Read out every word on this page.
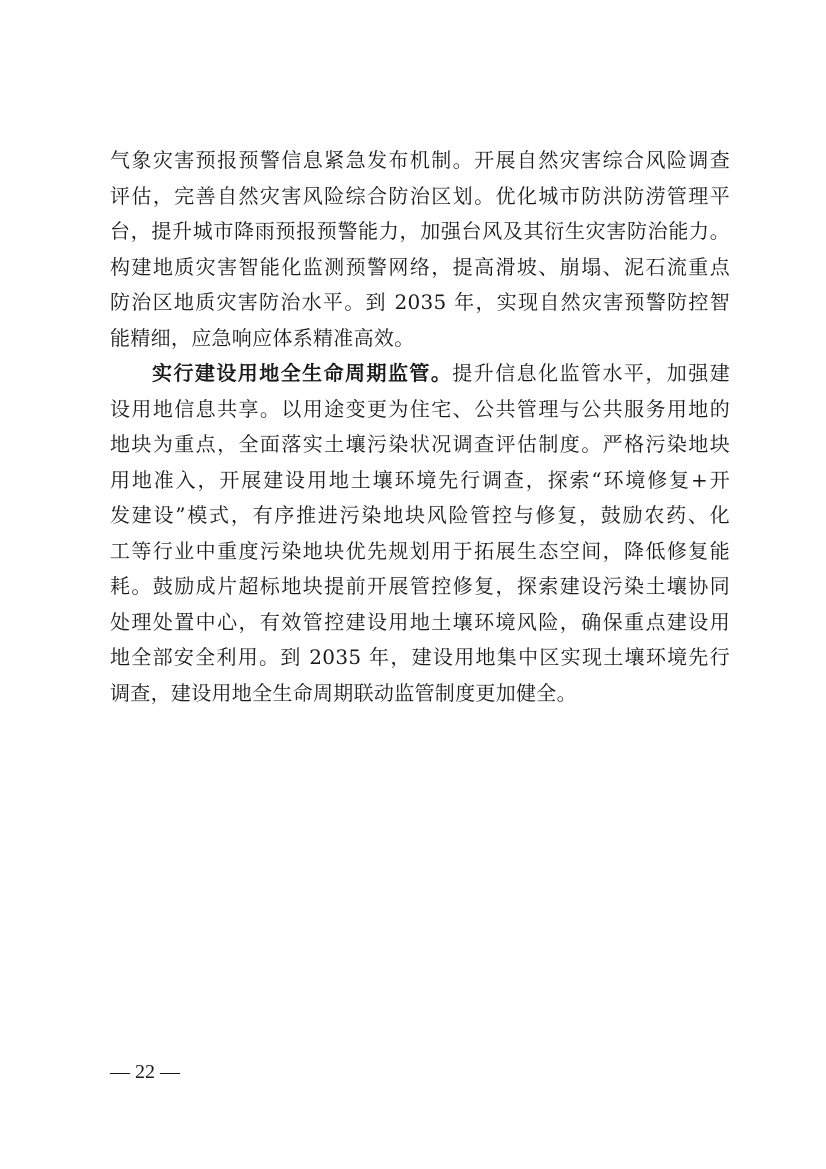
气象灾害预报预警信息紧急发布机制。开展自然灾害综合风险调查
评估，完善自然灾害风险综合防治区划。优化城市防洪防涝管理平
台，提升城市降雨预报预警能力，加强台风及其衍生灾害防治能力。
构建地质灾害智能化监测预警网络，提高滑坡、崩塌、泥石流重点
防治区地质灾害防治水平。到 2035 年，实现自然灾害预警防控智
能精细，应急响应体系精准高效。
实行建设用地全生命周期监管。提升信息化监管水平，加强建
设用地信息共享。以用途变更为住宅、公共管理与公共服务用地的
地块为重点，全面落实土壤污染状况调查评估制度。严格污染地块
用地准入，开展建设用地土壤环境先行调查，探索“环境修复+开
发建设”模式，有序推进污染地块风险管控与修复，鼓励农药、化
工等行业中重度污染地块优先规划用于拓展生态空间，降低修复能
耗。鼓励成片超标地块提前开展管控修复，探索建设污染土壤协同
处理处置中心，有效管控建设用地土壤环境风险，确保重点建设用
地全部安全利用。到 2035 年，建设用地集中区实现土壤环境先行
调查，建设用地全生命周期联动监管制度更加健全。
— 22 —
